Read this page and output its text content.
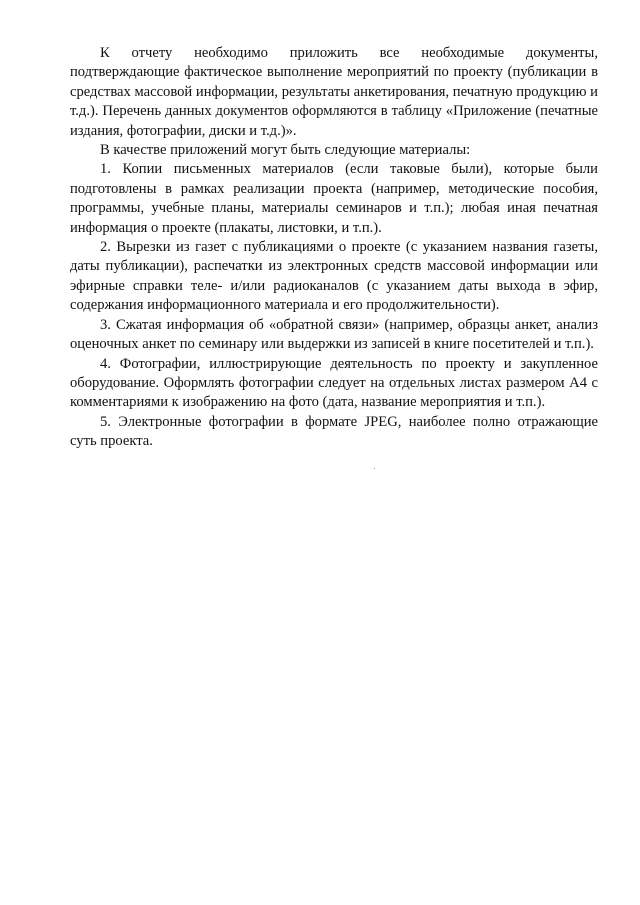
К отчету необходимо приложить все необходимые документы, подтверждающие фактическое выполнение мероприятий по проекту (публикации в средствах массовой информации, результаты анкетирования, печатную продукцию и т.д.). Перечень данных документов оформляются в таблицу «Приложение (печатные издания, фотографии, диски и т.д.)».

В качестве приложений могут быть следующие материалы:

1. Копии письменных материалов (если таковые были), которые были подготовлены в рамках реализации проекта (например, методические пособия, программы, учебные планы, материалы семинаров и т.п.); любая иная печатная информация о проекте (плакаты, листовки, и т.п.).

2. Вырезки из газет с публикациями о проекте (с указанием названия газеты, даты публикации), распечатки из электронных средств массовой информации или эфирные справки теле- и/или радиоканалов (с указанием даты выхода в эфир, содержания информационного материала и его продолжительности).

3. Сжатая информация об «обратной связи» (например, образцы анкет, анализ оценочных анкет по семинару или выдержки из записей в книге посетителей и т.п.).

4. Фотографии, иллюстрирующие деятельность по проекту и закупленное оборудование. Оформлять фотографии следует на отдельных листах размером А4 с комментариями к изображению на фото (дата, название мероприятия и т.п.).

5. Электронные фотографии в формате JPEG, наиболее полно отражающие суть проекта.
